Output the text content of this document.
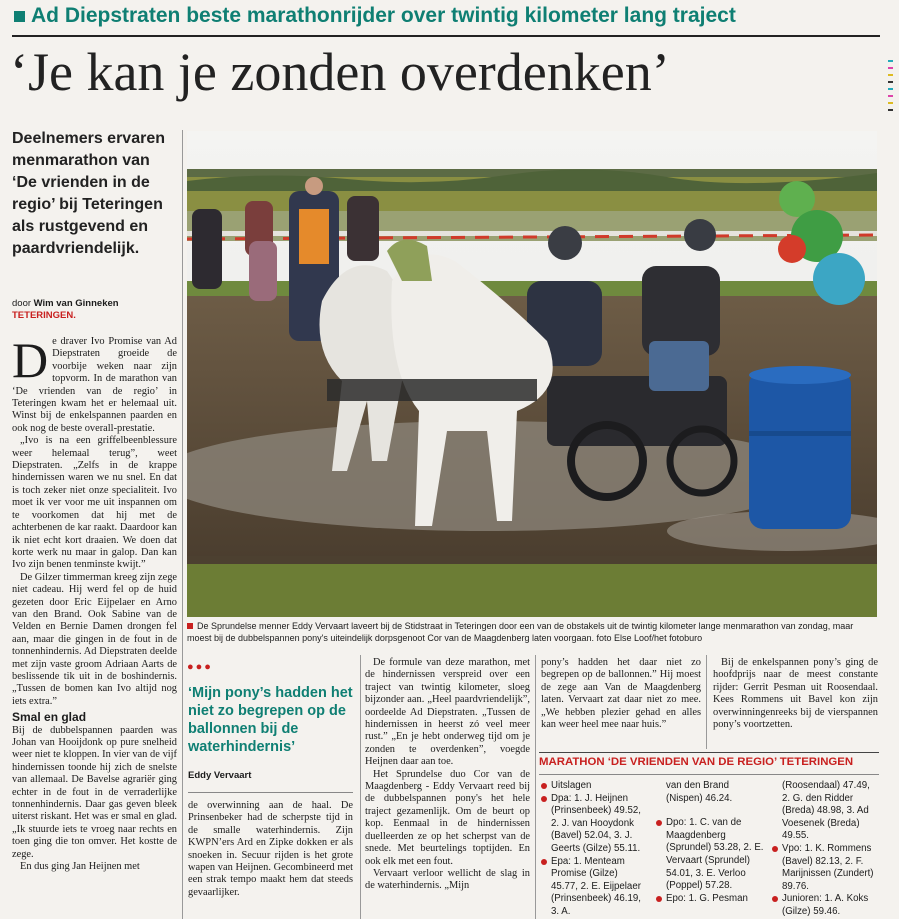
Ad Diepstraten beste marathonrijder over twintig kilometer lang traject
‘Je kan je zonden overdenken’
Deelnemers ervaren menmarathon van ‘De vrienden in de regio’ bij Teteringen als rustgevend en paardvriendelijk.
door Wim van Ginneken
TETERINGEN.

De draver Ivo Promise van Ad Diepstraten groeide de voorbije weken naar zijn topvorm. In de marathon van ‘De vrienden van de regio’ in Teteringen kwam het er helemaal uit. Winst bij de enkelspannen paarden en ook nog de beste overall-prestatie.

„Ivo is na een griffelbeenblessure weer helemaal terug”, weet Diepstraten. „Zelfs in de krappe hindernissen waren we nu snel. En dat is toch zeker niet onze specialiteit. Ivo moet ik ver voor me uit inspannen om te voorkomen dat hij met de achterbenen de kar raakt. Daardoor kan ik niet echt kort draaien. We doen dat korte werk nu maar in galop. Dan kan Ivo zijn benen tenminste kwijt.”

De Gilzer timmerman kreeg zijn zege niet cadeau. Hij werd fel op de huid gezeten door Eric Eijpelaer en Arno van den Brand. Ook Sabine van de Velden en Bernie Damen drongen fel aan, maar die gingen in de fout in de tonnenhindernis. Ad Diepstraten deelde met zijn vaste groom Adriaan Aarts de beslissende tik uit in de boshindernis. „Tussen de bomen kan Ivo altijd nog iets extra.”

Smal en glad

Bij de dubbelspannen paarden was Johan van Hooijdonk op pure snelheid weer niet te kloppen. In vier van de vijf hindernissen toonde hij zich de snelste van allemaal. De Bavelse agrariër ging echter in de fout in de verraderlijke tonnenhindernis. Daar gas geven bleek uiterst riskant. Het was er smal en glad. „Ik stuurde iets te vroeg naar rechts en toen ging die ton omver. Het kostte de zege.

En dus ging Jan Heijnen met

De Sprundelse menner Eddy Vervaart laveert bij de Stidstraat in Teteringen door een van de obstakels uit de twintig kilometer lange menmarathon van zondag, maar moest bij de dubbelspannen pony's uiteindelijk dorpsgenoot Cor van de Maagdenberg laten voorgaan. foto Else Loof/het fotoburo
●●●
‘Mijn pony’s hadden het niet zo begrepen op de ballonnen bij de waterhindernis’
Eddy Vervaart

de overwinning aan de haal. De Prinsenbeker had de scherpste tijd in de smalle waterhindernis. Zijn KWPN’ers Ard en Zipke dokken er als snoeken in. Secuur rijden is het grote wapen van Heijnen. Gecombineerd met een strak tempo maakt hem dat steeds gevaarlijker.

De formule van deze marathon, met de hindernissen verspreid over een traject van twintig kilometer, sloeg bijzonder aan. „Heel paardvriendelijk”, oordeelde Ad Diepstraten. „Tussen de hindernissen in heerst zó veel meer rust.” „En je hebt onderweg tijd om je zonden te overdenken”, voegde Heijnen daar aan toe.

Het Sprundelse duo Cor van de Maagdenberg - Eddy Vervaart reed bij de dubbelspannen pony's het hele traject gezamenlijk. Om de beurt op kop. Eenmaal in de hindernissen duelleerden ze op het scherpst van de snede. Met beurtelings toptijden. En ook elk met een fout.

Vervaart verloor wellicht de slag in de waterhindernis. „Mijn

pony’s hadden het daar niet zo begrepen op de ballonnen.” Hij moest de zege aan Van de Maagdenberg laten. Vervaart zat daar niet zo mee. „We hebben plezier gehad en alles kan weer heel mee naar huis.”

Bij de enkelspannen pony’s ging de hoofdprijs naar de meest constante rijder: Gerrit Pesman uit Roosendaal. Kees Rommens uit Bavel kon zijn overwinningenreeks bij de vierspannen pony’s voortzetten.

MARATHON ‘DE VRIENDEN VAN DE REGIO’ TETERINGEN
Uitslagen
Dpa: 1. J. Heijnen (Prinsenbeek) 49.52, 2. J. van Hooydonk (Bavel) 52.04, 3. J. Geerts (Gilze) 55.11.
Epa: 1. Menteam Promise (Gilze) 45.77, 2. E. Eijpelaer (Prinsenbeek) 46.19, 3. A.
van den Brand (Nispen) 46.24.
Dpo: 1. C. van de Maagdenberg (Sprundel) 53.28, 2. E. Vervaart (Sprundel) 54.01, 3. E. Verloo (Poppel) 57.28.
Epo: 1. G. Pesman
(Roosendaal) 47.49, 2. G. den Ridder (Breda) 48.98, 3. Ad Voesenek (Breda) 49.55.
Vpo: 1. K. Rommens (Bavel) 82.13, 2. F. Marijnissen (Zundert) 89.76.
Junioren: 1. A. Koks (Gilze) 59.46.
